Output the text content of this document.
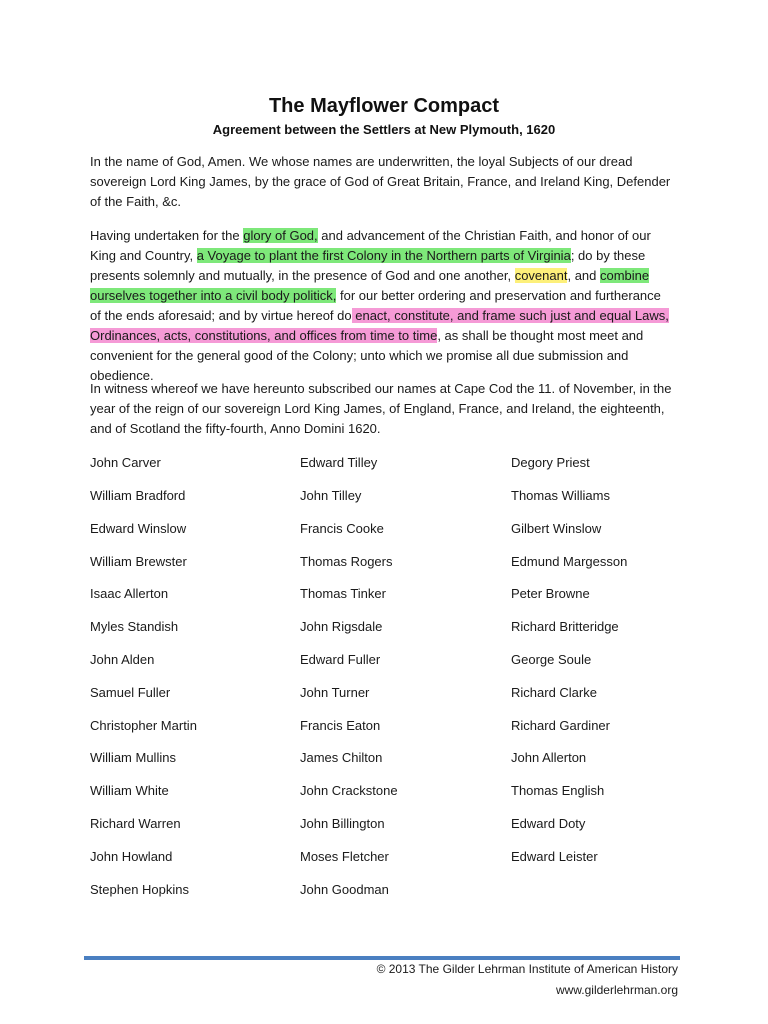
The Mayflower Compact
Agreement between the Settlers at New Plymouth, 1620

In the name of God, Amen. We whose names are underwritten, the loyal Subjects of our dread sovereign Lord King James, by the grace of God of Great Britain, France, and Ireland King, Defender of the Faith, &c.

Having undertaken for the glory of God, and advancement of the Christian Faith, and honor of our King and Country, a Voyage to plant the first Colony in the Northern parts of Virginia; do by these presents solemnly and mutually, in the presence of God and one another, covenant, and combine ourselves together into a civil body politick, for our better ordering and preservation and furtherance of the ends aforesaid; and by virtue hereof do enact, constitute, and frame such just and equal Laws, Ordinances, acts, constitutions, and offices from time to time, as shall be thought most meet and convenient for the general good of the Colony; unto which we promise all due submission and obedience.

In witness whereof we have hereunto subscribed our names at Cape Cod the 11. of November, in the year of the reign of our sovereign Lord King James, of England, France, and Ireland, the eighteenth, and of Scotland the fifty-fourth, Anno Domini 1620.

John Carver
William Bradford
Edward Winslow
William Brewster
Isaac Allerton
Myles Standish
John Alden
Samuel Fuller
Christopher Martin
William Mullins
William White
Richard Warren
John Howland
Stephen Hopkins
Edward Tilley
John Tilley
Francis Cooke
Thomas Rogers
Thomas Tinker
John Rigsdale
Edward Fuller
John Turner
Francis Eaton
James Chilton
John Crackstone
John Billington
Moses Fletcher
John Goodman
Degory Priest
Thomas Williams
Gilbert Winslow
Edmund Margesson
Peter Browne
Richard Britteridge
George Soule
Richard Clarke
Richard Gardiner
John Allerton
Thomas English
Edward Doty
Edward Leister
© 2013 The Gilder Lehrman Institute of American History
www.gilderlehrman.org
